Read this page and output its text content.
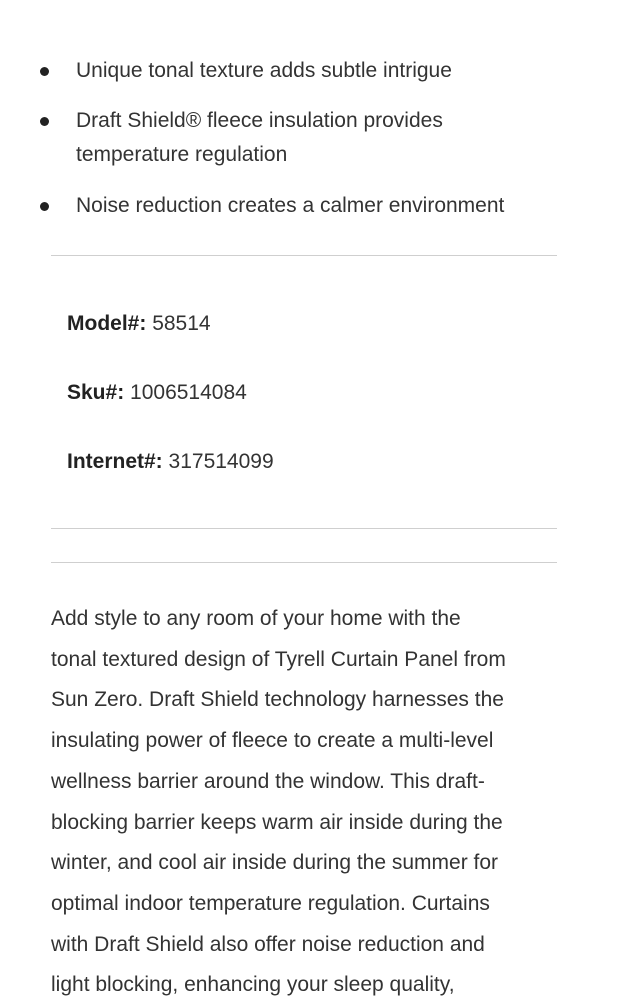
Unique tonal texture adds subtle intrigue
Draft Shield® fleece insulation provides
temperature regulation
Noise reduction creates a calmer environment
Model#: 58514
Sku#: 1006514084
Internet#: 317514099
Add style to any room of your home with the
tonal textured design of Tyrell Curtain Panel from
Sun Zero. Draft Shield technology harnesses the
insulating power of fleece to create a multi-level
wellness barrier around the window. This draft-
blocking barrier keeps warm air inside during the
winter, and cool air inside during the summer for
optimal indoor temperature regulation. Curtains
with Draft Shield also offer noise reduction and
light blocking, enhancing your sleep quality,
